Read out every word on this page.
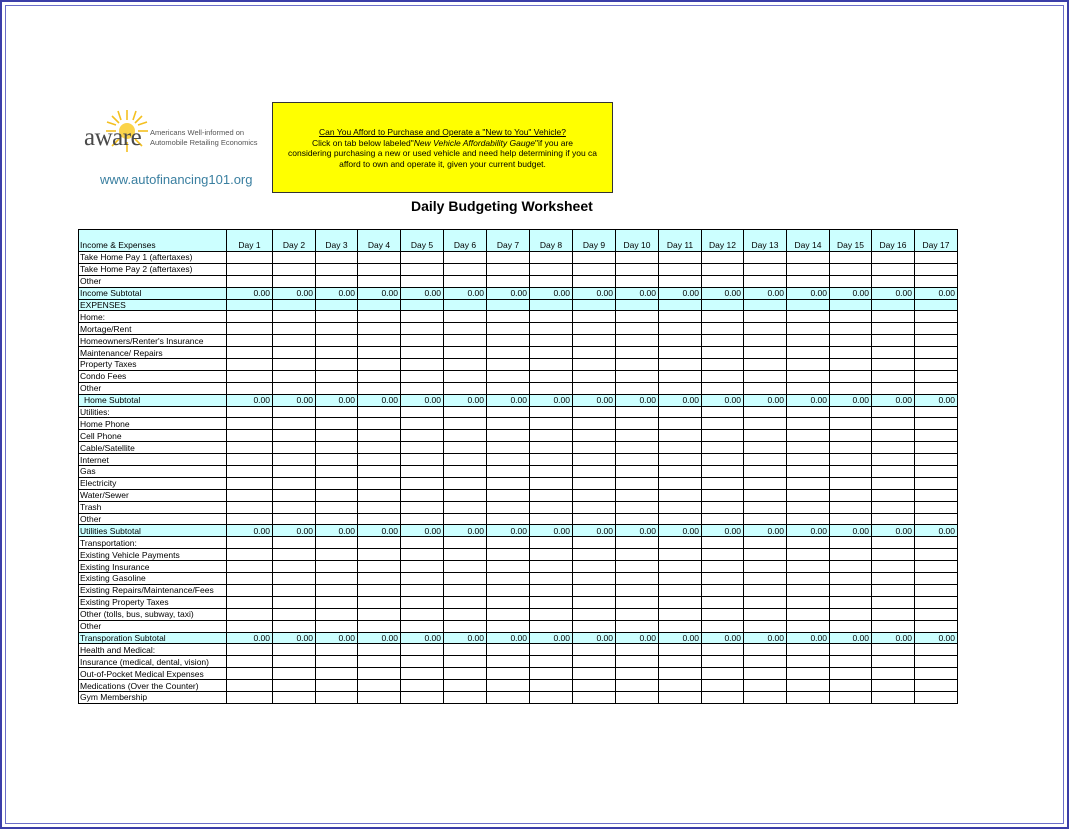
aware Americans Well-informed on
Automobile Retailing Economics
www.autofinancing101.org
Can You Afford to Purchase and Operate a "New to You" Vehicle?
Click on tab below labeled"New Vehicle Affordability Gauge"if you are
considering purchasing a new or used vehicle and need help determining if you ca
afford to own and operate it, given your current budget.
Daily Budgeting Worksheet
Income & Expenses	Day 1	Day 2	Day 3	Day 4	Day 5	Day 6	Day 7	Day 8	Day 9	Day 10	Day 11	Day 12	Day 13	Day 14	Day 15	Day 16	Day 17
Take Home Pay 1 (aftertaxes)																	
Take Home Pay 2 (aftertaxes)																	
Other																	
Income Subtotal	0.00	0.00	0.00	0.00	0.00	0.00	0.00	0.00	0.00	0.00	0.00	0.00	0.00	0.00	0.00	0.00	0.00
EXPENSES																	
Home:																	
Mortage/Rent																	
Homeowners/Renter's Insurance																	
Maintenance/ Repairs																	
Property Taxes																	
Condo Fees																	
Other																	
Home Subtotal	0.00	0.00	0.00	0.00	0.00	0.00	0.00	0.00	0.00	0.00	0.00	0.00	0.00	0.00	0.00	0.00	0.00
Utilities:																	
Home Phone																	
Cell Phone																	
Cable/Satellite																	
Internet																	
Gas																	
Electricity																	
Water/Sewer																	
Trash																	
Other																	
Utilities Subtotal	0.00	0.00	0.00	0.00	0.00	0.00	0.00	0.00	0.00	0.00	0.00	0.00	0.00	0.00	0.00	0.00	0.00
Transportation:																	
Existing Vehicle Payments																	
Existing Insurance																	
Existing Gasoline																	
Existing Repairs/Maintenance/Fees																	
Existing Property Taxes																	
Other (tolls, bus, subway, taxi)																	
Other																	
Transporation Subtotal	0.00	0.00	0.00	0.00	0.00	0.00	0.00	0.00	0.00	0.00	0.00	0.00	0.00	0.00	0.00	0.00	0.00
Health and Medical:																	
Insurance (medical, dental, vision)																	
Out-of-Pocket Medical Expenses																	
Medications (Over the Counter)																	
Gym Membership																	
